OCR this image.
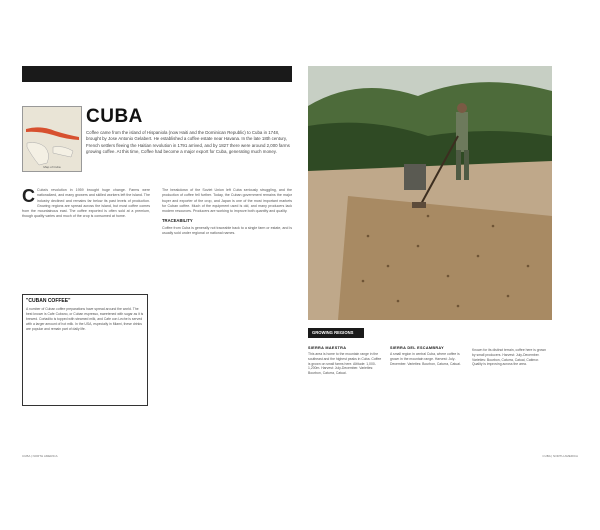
Map of Cuba
CUBA
Coffee came from the island of Hispaniola (now Haiti and the Dominican Republic) to Cuba in 1748, brought by Jose Antonio Gelabert. He established a coffee estate near Havana. In the late 18th century, French settlers fleeing the Haitian revolution in 1791 arrived, and by 1827 there were around 2,000 farms growing coffee. At this time, Coffee had become a major export for Cuba, generating much money.
C Cuba's revolution in 1959 brought huge change. Farms were nationalized, and many growers and skilled workers left the island. The industry declined and remains far below its past levels of production. Growing regions are spread across the island, but most coffee comes from the mountainous east. The coffee exported is often sold at a premium, though quality varies and much of the crop is consumed at home.
The breakdown of the Soviet Union left Cuba seriously struggling, and the production of coffee fell further. Today, the Cuban government remains the major buyer and exporter of the crop, and Japan is one of the most important markets for Cuban coffee. Much of the equipment used is old, and many producers lack modern resources. Producers are working to improve both quantity and quality.
TRACEABILITY
Coffee from Cuba is generally not traceable back to a single farm or estate, and is usually sold under regional or national names.
"CUBAN COFFEE"
A number of Cuban coffee preparations have spread around the world. The best known is Cafe Cubano, or Cuban espresso, sweetened with sugar as it is brewed. Cortadito is topped with steamed milk, and Cafe con Leche is served with a larger amount of hot milk. In the USA, especially in Miami, these drinks are popular and remain part of daily life.
CUBA | NORTH AMERICA
GROWING REGIONS
SIERRA MAESTRA
This area is home to the mountain range in the southeast and the highest peaks in Cuba. Coffee is grown on small farms here. Altitude: 1,000-1,200m. Harvest: July-December. Varieties: Bourbon, Caturra, Catuai.
SIERRA DEL ESCAMBRAY
A small region in central Cuba, where coffee is grown in the mountain range. Harvest: July-December. Varieties: Bourbon, Caturra, Catuai.
Known for its distinct terrain, coffee here is grown by small producers. Harvest: July-December. Varieties: Bourbon, Caturra, Catuai, Catimor. Quality is improving across the area.
CUBA | NORTH AMERICA
